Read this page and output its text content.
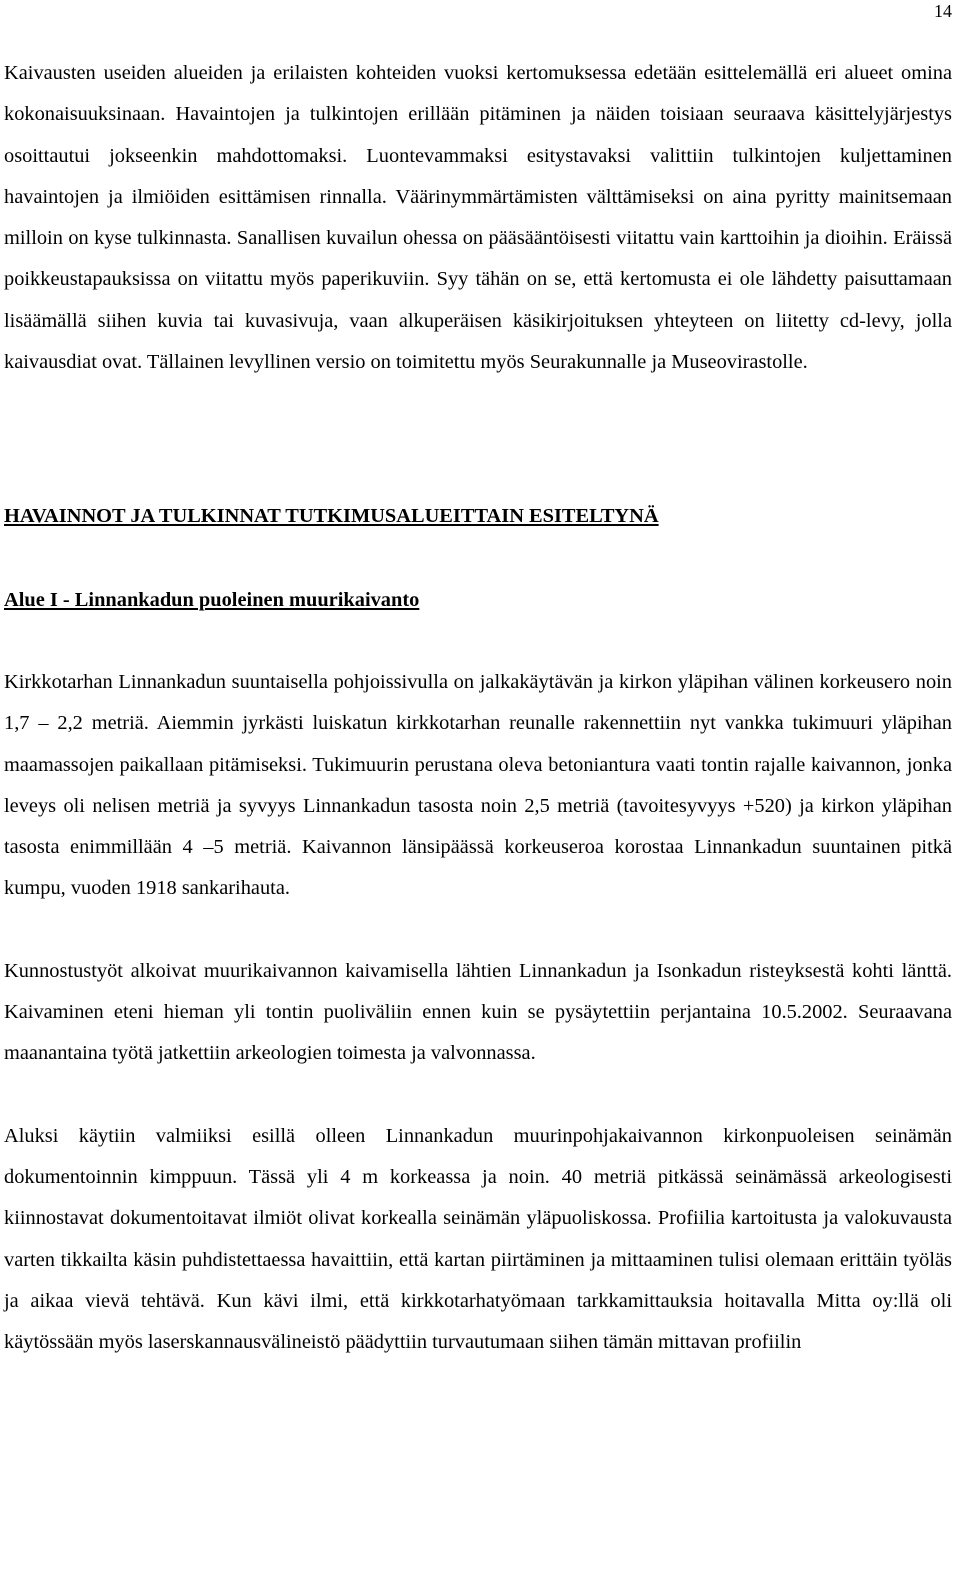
14

Kaivausten useiden alueiden ja erilaisten kohteiden vuoksi kertomuksessa edetään esittelemällä eri alueet omina kokonaisuuksinaan. Havaintojen ja tulkintojen erillään pitäminen ja näiden toisiaan seuraava käsittelyjärjestys osoittautui jokseenkin mahdottomaksi. Luontevammaksi esitystavaksi valittiin tulkintojen kuljettaminen havaintojen ja ilmiöiden esittämisen rinnalla. Väärinymmärtämisten välttämiseksi on aina pyritty mainitsemaan milloin on kyse tulkinnasta. Sanallisen kuvailun ohessa on pääsääntöisesti viitattu vain karttoihin ja dioihin. Eräissä poikkeustapauksissa on viitattu myös paperikuviin. Syy tähän on se, että kertomusta ei ole lähdetty paisuttamaan lisäämällä siihen kuvia tai kuvasivuja, vaan alkuperäisen käsikirjoituksen yhteyteen on liitetty cd-levy, jolla kaivausdiat ovat. Tällainen levyllinen versio on toimitettu myös Seurakunnalle ja Museovirastolle.

HAVAINNOT JA TULKINNAT TUTKIMUSALUEITTAIN ESITELTYNÄ
Alue I - Linnankadun puoleinen muurikaivanto

Kirkkotarhan Linnankadun suuntaisella pohjoissivulla on jalkakäytävän ja kirkon yläpihan välinen korkeusero noin 1,7 – 2,2 metriä. Aiemmin jyrkästi luiskatun kirkkotarhan reunalle rakennettiin nyt vankka tukimuuri yläpihan maamassojen paikallaan pitämiseksi. Tukimuurin perustana oleva betoniantura vaati tontin rajalle kaivannon, jonka leveys oli nelisen metriä ja syvyys Linnankadun tasosta noin 2,5 metriä (tavoitesyvyys +520) ja kirkon yläpihan tasosta enimmillään 4 –5 metriä. Kaivannon länsipäässä korkeuseroa korostaa Linnankadun suuntainen pitkä kumpu, vuoden 1918 sankarihauta.

Kunnostustyöt alkoivat muurikaivannon kaivamisella lähtien Linnankadun ja Isonkadun risteyksestä kohti länttä. Kaivaminen eteni hieman yli tontin puoliväliin ennen kuin se pysäytettiin perjantaina 10.5.2002. Seuraavana maanantaina työtä jatkettiin arkeologien toimesta ja valvonnassa.

Aluksi käytiin valmiiksi esillä olleen Linnankadun muurinpohjakaivannon kirkonpuoleisen seinämän dokumentoinnin kimppuun. Tässä yli 4 m korkeassa ja noin. 40 metriä pitkässä seinämässä arkeologisesti kiinnostavat dokumentoitavat ilmiöt olivat korkealla seinämän yläpuoliskossa. Profiilia kartoitusta ja valokuvausta varten tikkailta käsin puhdistettaessa havaittiin, että kartan piirtäminen ja mittaaminen tulisi olemaan erittäin työläs ja aikaa vievä tehtävä. Kun kävi ilmi, että kirkkotarhatyömaan tarkkamittauksia hoitavalla Mitta oy:llä oli käytössään myös laserskannausvälineistö päädyttiin turvautumaan siihen tämän mittavan profiilin
